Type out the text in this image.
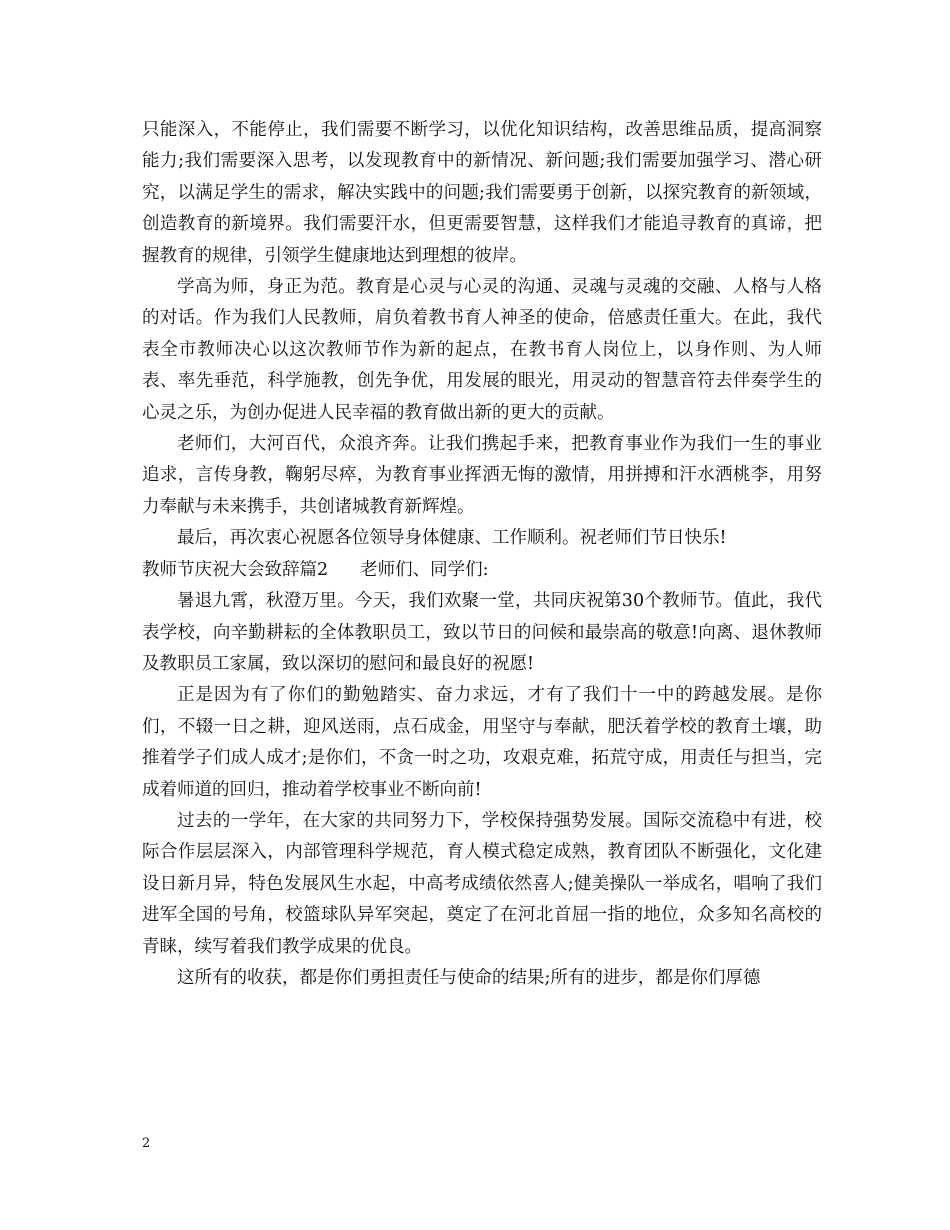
只能深入，不能停止，我们需要不断学习，以优化知识结构，改善思维品质，提高洞察能力;我们需要深入思考，以发现教育中的新情况、新问题;我们需要加强学习、潜心研究，以满足学生的需求，解决实践中的问题;我们需要勇于创新，以探究教育的新领域，创造教育的新境界。我们需要汗水，但更需要智慧，这样我们才能追寻教育的真谛，把握教育的规律，引领学生健康地达到理想的彼岸。

学高为师，身正为范。教育是心灵与心灵的沟通、灵魂与灵魂的交融、人格与人格的对话。作为我们人民教师，肩负着教书育人神圣的使命，倍感责任重大。在此，我代表全市教师决心以这次教师节作为新的起点，在教书育人岗位上，以身作则、为人师表、率先垂范，科学施教，创先争优，用发展的眼光，用灵动的智慧音符去伴奏学生的心灵之乐，为创办促进人民幸福的教育做出新的更大的贡献。

老师们，大河百代，众浪齐奔。让我们携起手来，把教育事业作为我们一生的事业追求，言传身教，鞠躬尽瘁，为教育事业挥洒无悔的激情，用拼搏和汗水洒桃李，用努力奉献与未来携手，共创诸城教育新辉煌。

最后，再次衷心祝愿各位领导身体健康、工作顺利。祝老师们节日快乐!

教师节庆祝大会致辞篇2 老师们、同学们:

暑退九霄，秋澄万里。今天，我们欢聚一堂，共同庆祝第30个教师节。值此，我代表学校，向辛勤耕耘的全体教职员工，致以节日的问候和最崇高的敬意!向离、退休教师及教职员工家属，致以深切的慰问和最良好的祝愿!

正是因为有了你们的勤勉踏实、奋力求远，才有了我们十一中的跨越发展。是你们，不辍一日之耕，迎风送雨，点石成金，用坚守与奉献，肥沃着学校的教育土壤，助推着学子们成人成才;是你们，不贪一时之功，攻艰克难，拓荒守成，用责任与担当，完成着师道的回归，推动着学校事业不断向前!

过去的一学年，在大家的共同努力下，学校保持强势发展。国际交流稳中有进，校际合作层层深入，内部管理科学规范，育人模式稳定成熟，教育团队不断强化，文化建设日新月异，特色发展风生水起，中高考成绩依然喜人;健美操队一举成名，唱响了我们进军全国的号角，校篮球队异军突起，奠定了在河北首屈一指的地位，众多知名高校的青睐，续写着我们教学成果的优良。

这所有的收获，都是你们勇担责任与使命的结果;所有的进步，都是你们厚德

2
